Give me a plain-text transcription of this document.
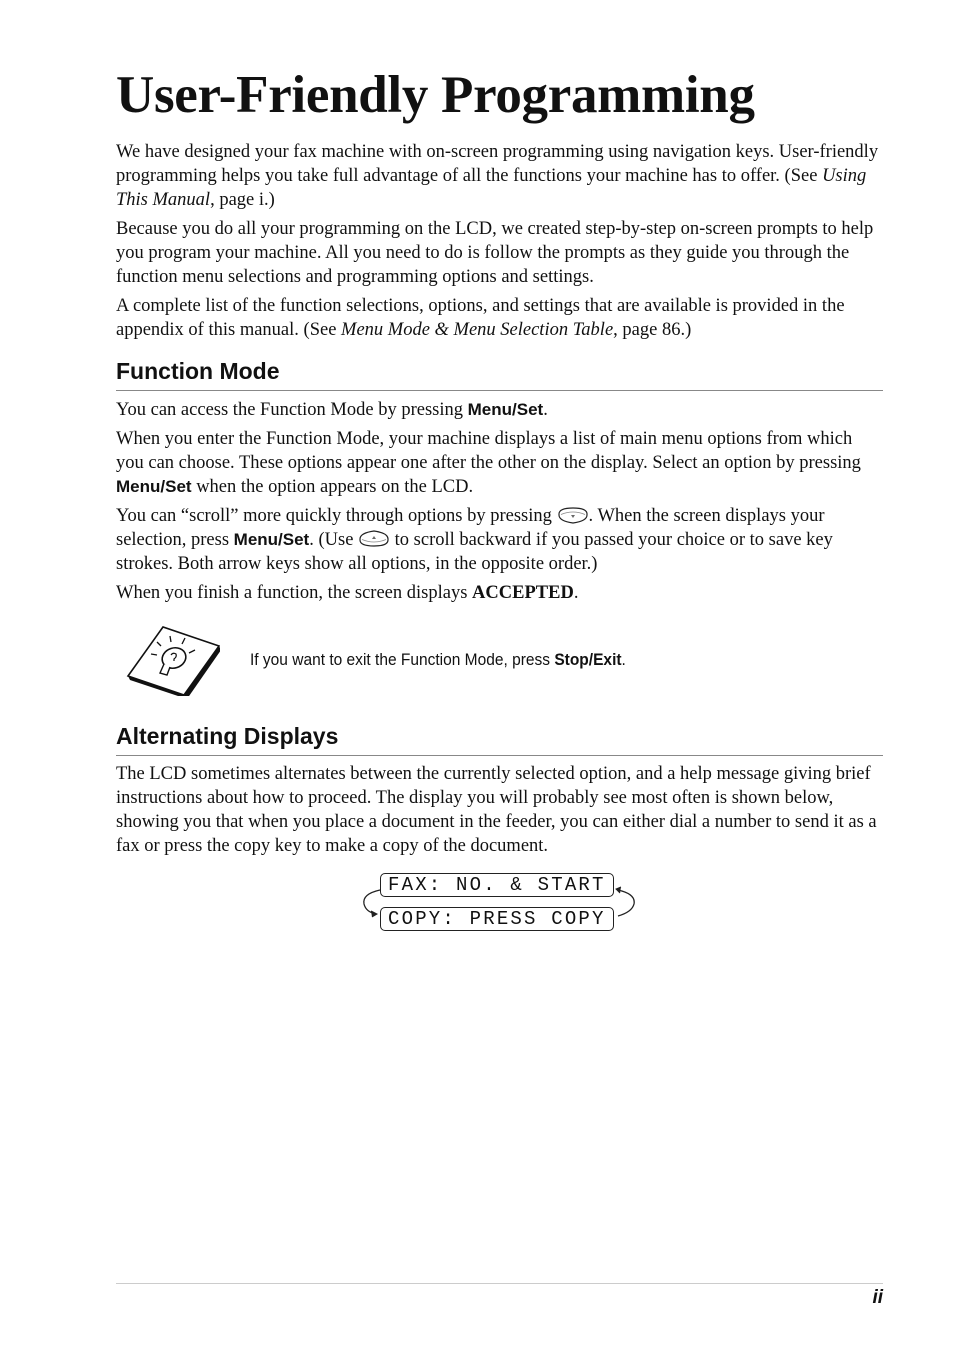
User-Friendly Programming

We have designed your fax machine with on-screen programming using navigation keys. User-friendly programming helps you take full advantage of all the functions your machine has to offer. (See Using This Manual, page i.)

Because you do all your programming on the LCD, we created step-by-step on-screen prompts to help you program your machine. All you need to do is follow the prompts as they guide you through the function menu selections and programming options and settings.

A complete list of the function selections, options, and settings that are available is provided in the appendix of this manual. (See Menu Mode & Menu Selection Table, page 86.)

Function Mode

You can access the Function Mode by pressing Menu/Set.

When you enter the Function Mode, your machine displays a list of main menu options from which you can choose. These options appear one after the other on the display. Select an option by pressing Menu/Set when the option appears on the LCD.

You can “scroll” more quickly through options by pressing . When the screen displays your selection, press Menu/Set. (Use  to scroll backward if you passed your choice or to save key strokes. Both arrow keys show all options, in the opposite order.)

When you finish a function, the screen displays ACCEPTED.

If you want to exit the Function Mode, press Stop/Exit.
Alternating Displays

The LCD sometimes alternates between the currently selected option, and a help message giving brief instructions about how to proceed. The display you will probably see most often is shown below, showing you that when you place a document in the feeder, you can either dial a number to send it as a fax or press the copy key to make a copy of the document.

FAX: NO. & START
COPY: PRESS COPY
ii
